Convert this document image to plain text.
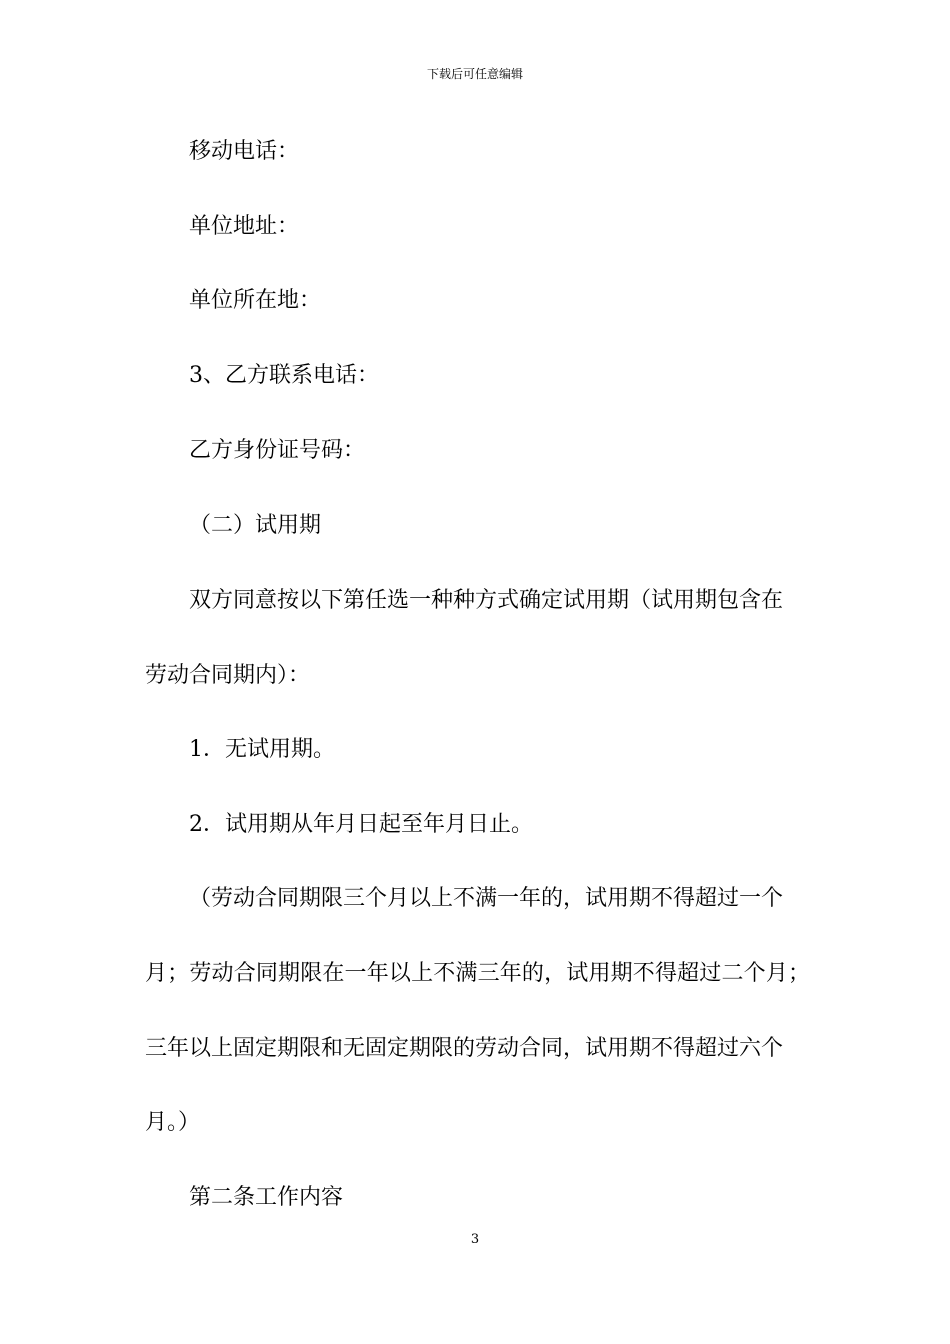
下载后可任意编辑
移动电话：
单位地址：
单位所在地：
3、乙方联系电话：
乙方身份证号码：
（二）试用期
双方同意按以下第任选一种种方式确定试用期（试用期包含在
劳动合同期内）：
1．无试用期。
2．试用期从年月日起至年月日止。
（劳动合同期限三个月以上不满一年的，试用期不得超过一个
月；劳动合同期限在一年以上不满三年的，试用期不得超过二个月；
三年以上固定期限和无固定期限的劳动合同，试用期不得超过六个
月。）
第二条工作内容
3
